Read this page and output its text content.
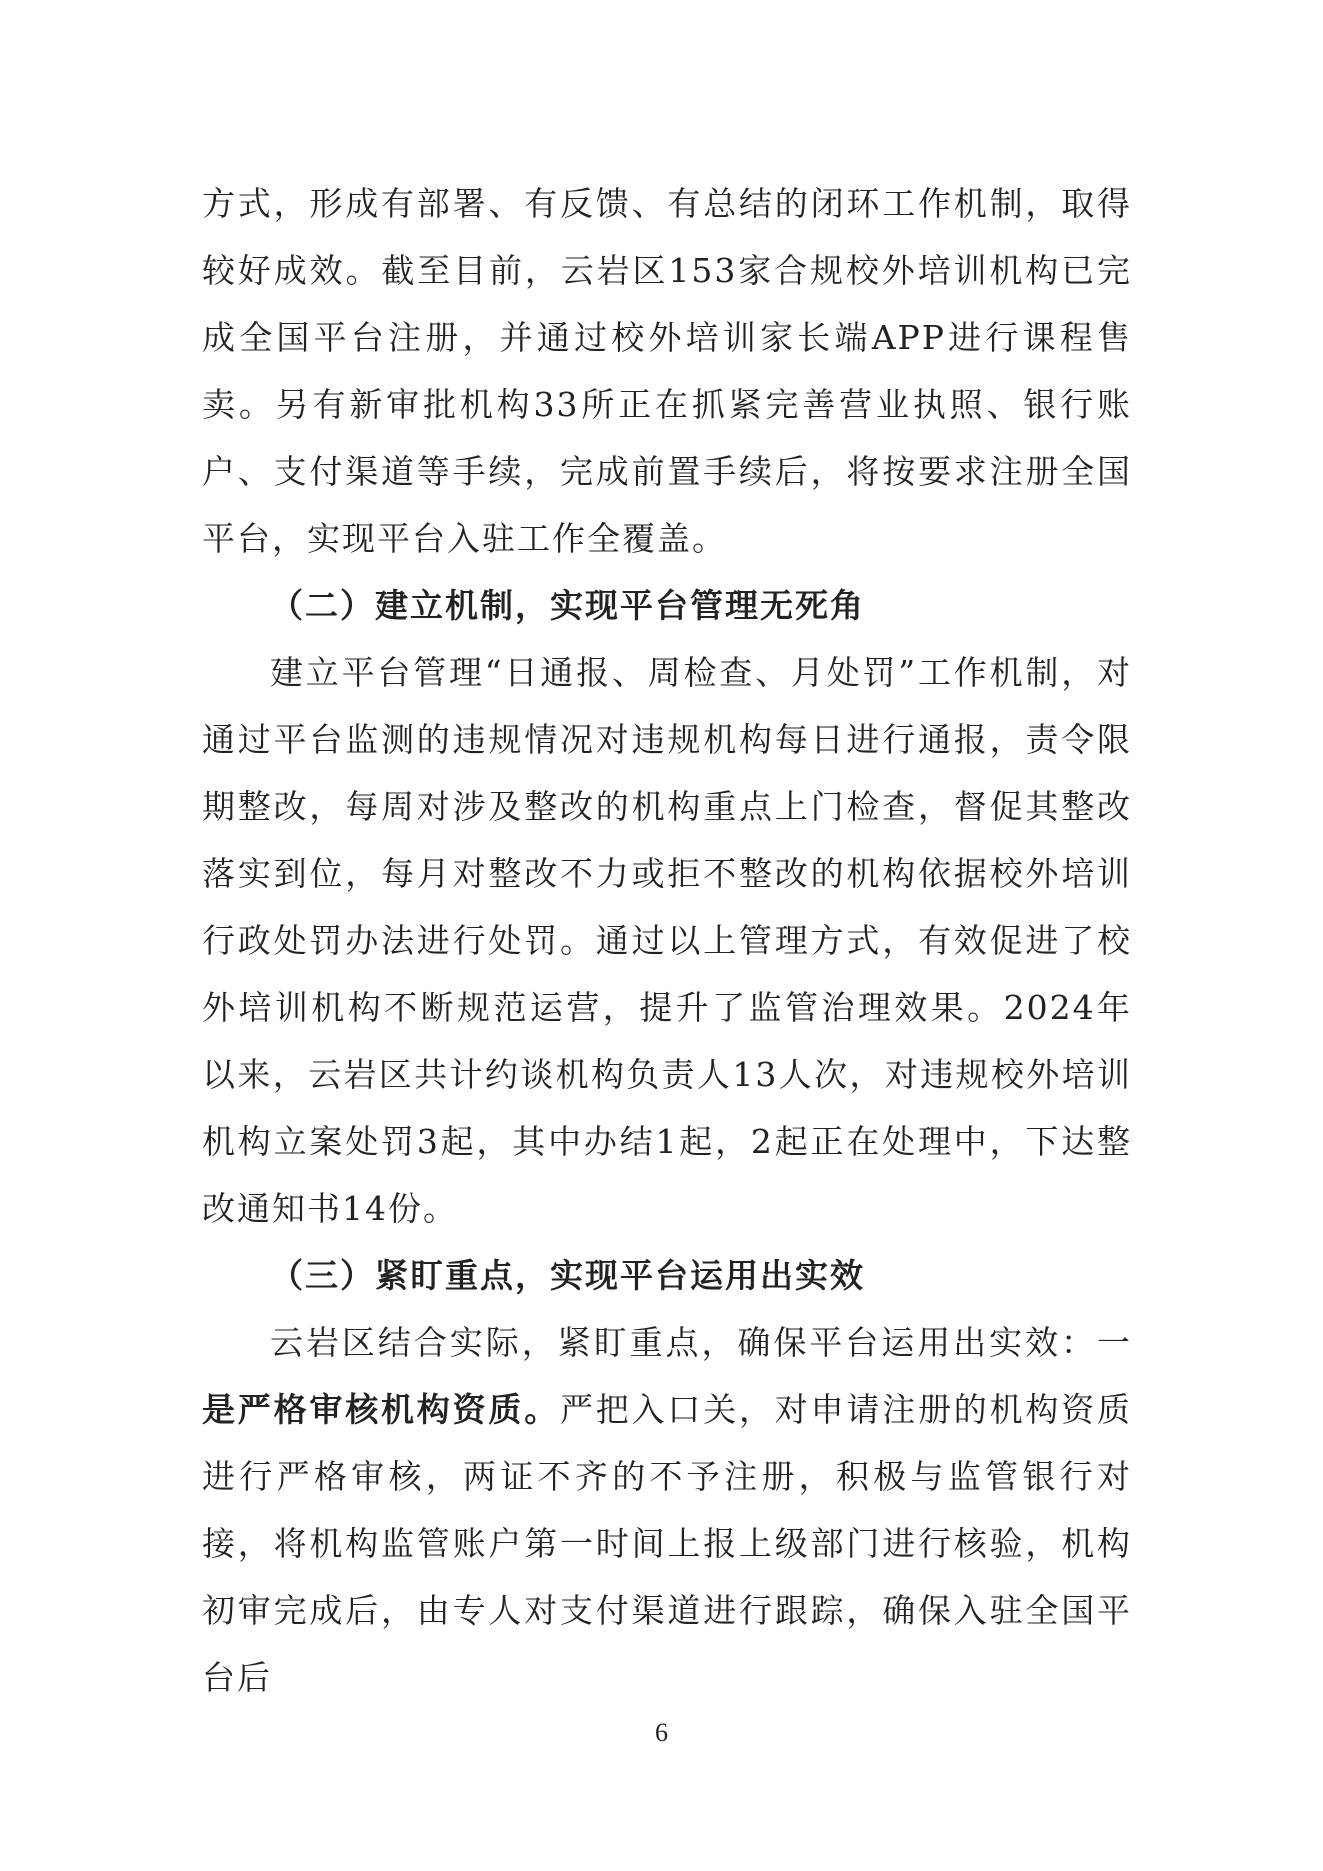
方式，形成有部署、有反馈、有总结的闭环工作机制，取得较好成效。截至目前，云岩区153家合规校外培训机构已完成全国平台注册，并通过校外培训家长端APP进行课程售卖。另有新审批机构33所正在抓紧完善营业执照、银行账户、支付渠道等手续，完成前置手续后，将按要求注册全国平台，实现平台入驻工作全覆盖。

（二）建立机制，实现平台管理无死角

建立平台管理“日通报、周检查、月处罚”工作机制，对通过平台监测的违规情况对违规机构每日进行通报，责令限期整改，每周对涉及整改的机构重点上门检查，督促其整改落实到位，每月对整改不力或拒不整改的机构依据校外培训行政处罚办法进行处罚。通过以上管理方式，有效促进了校外培训机构不断规范运营，提升了监管治理效果。2024年以来，云岩区共计约谈机构负责人13人次，对违规校外培训机构立案处罚3起，其中办结1起，2起正在处理中，下达整改通知书14份。

（三）紧盯重点，实现平台运用出实效

云岩区结合实际，紧盯重点，确保平台运用出实效：一是严格审核机构资质。严把入口关，对申请注册的机构资质进行严格审核，两证不齐的不予注册，积极与监管银行对接，将机构监管账户第一时间上报上级部门进行核验，机构初审完成后，由专人对支付渠道进行跟踪，确保入驻全国平台后

6
